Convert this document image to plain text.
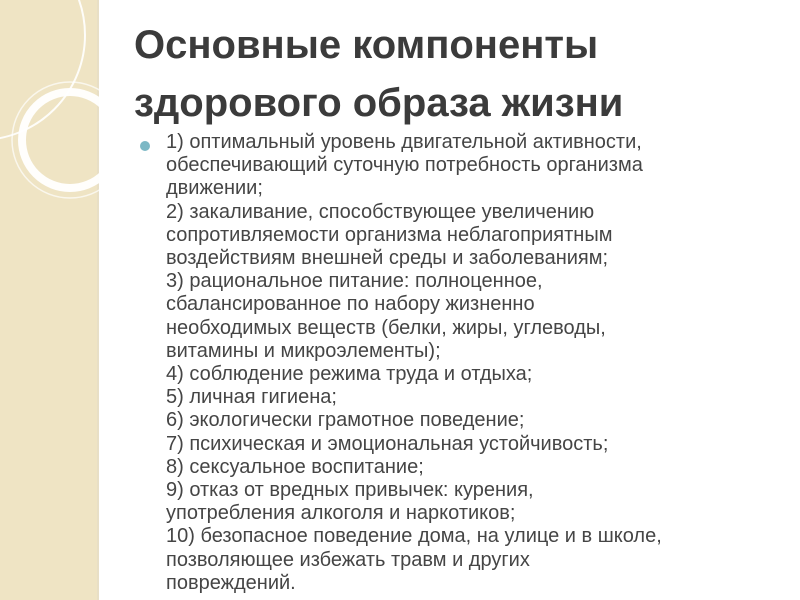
Основные компоненты
здорового образа жизни
1) оптимальный уровень двигательной активности,
обеспечивающий суточную потребность организма
движении;
2) закаливание, способствующее увеличению
сопротивляемости организма неблагоприятным
воздействиям внешней среды и заболеваниям;
3) рациональное питание: полноценное,
сбалансированное по набору жизненно
необходимых веществ (белки, жиры, углеводы,
витамины и микроэлементы);
4) соблюдение режима труда и отдыха;
5) личная гигиена;
6) экологически грамотное поведение;
7) психическая и эмоциональная устойчивость;
8) сексуальное воспитание;
9) отказ от вредных привычек: курения,
употребления алкоголя и наркотиков;
10) безопасное поведение дома, на улице и в школе,
позволяющее избежать травм и других
повреждений.
